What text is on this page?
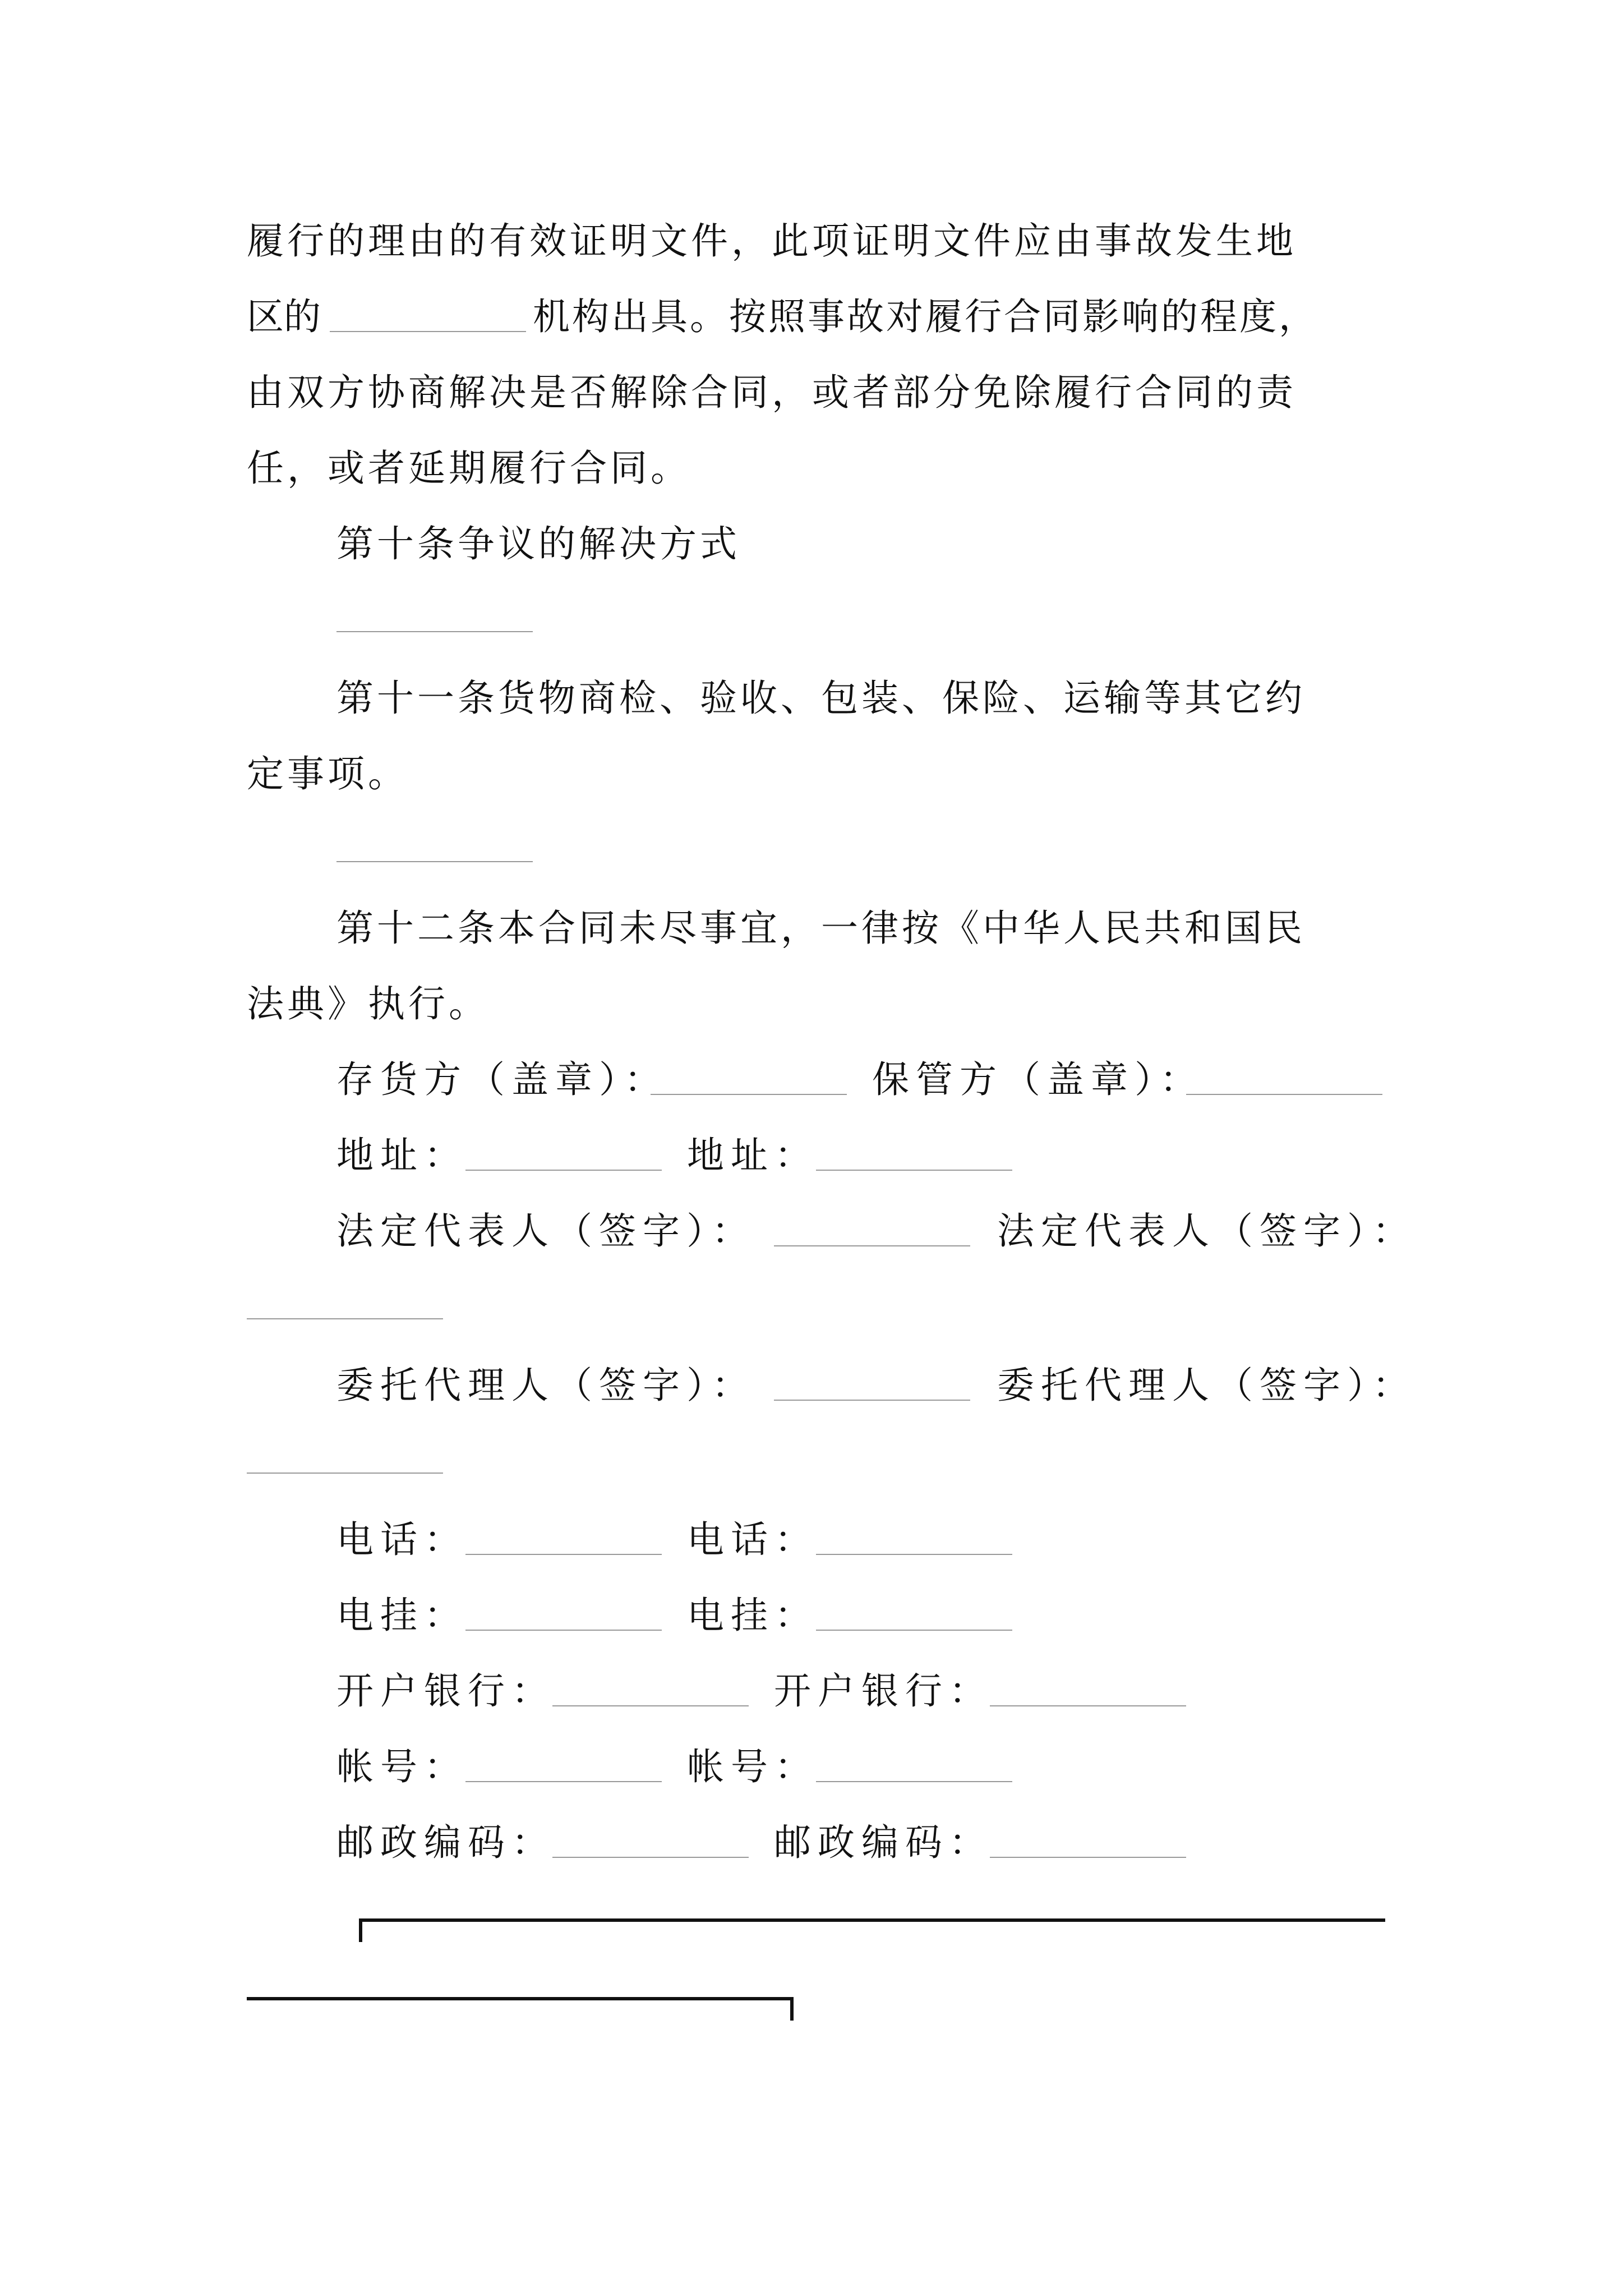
履行的理由的有效证明文件，此项证明文件应由事故发生地
区的	机构出具。按照事故对履行合同影响的程度，
由双方协商解决是否解除合同，或者部分免除履行合同的责
任，或者延期履行合同。
第十条争议的解决方式
第十一条货物商检、验收、包装、保险、运输等其它约
定事项。
第十二条本合同未尽事宜，一律按《中华人民共和国民
法典》执行。
存货方（盖章）：	保管方（盖章）：
地址：	地址：
法定代表人（签字）：	法定代表人（签字）：
委托代理人（签字）：	委托代理人（签字）：
电话：	电话：
电挂：	电挂：
开户银行：	开户银行：
帐号：	帐号：
邮政编码：	邮政编码：
